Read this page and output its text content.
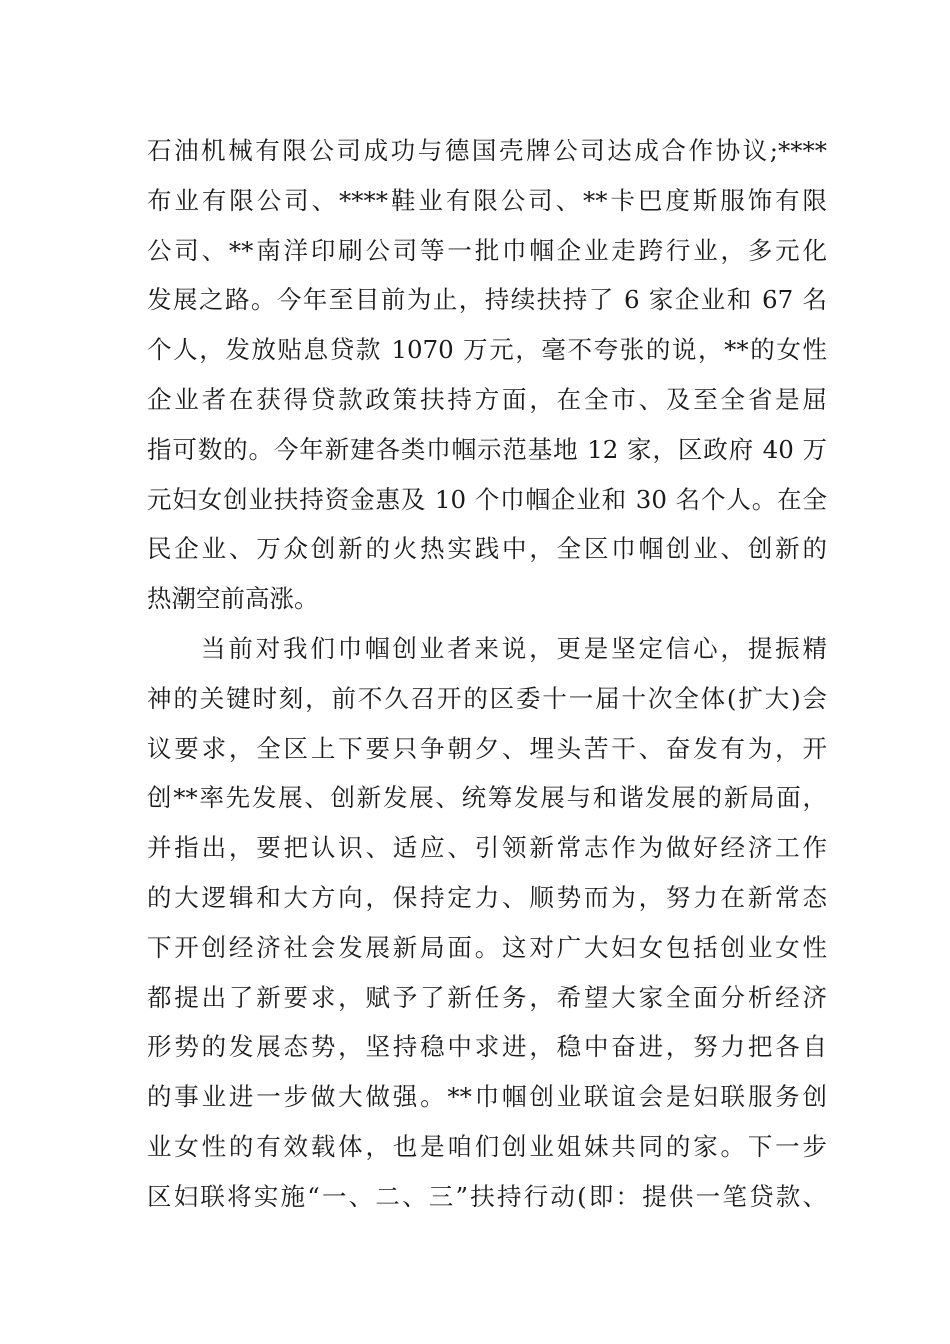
石油机械有限公司成功与德国壳牌公司达成合作协议;****
布业有限公司、****鞋业有限公司、**卡巴度斯服饰有限
公司、**南洋印刷公司等一批巾帼企业走跨行业，多元化
发展之路。今年至目前为止，持续扶持了 6 家企业和 67 名
个人，发放贴息贷款 1070 万元，毫不夸张的说，**的女性
企业者在获得贷款政策扶持方面，在全市、及至全省是屈
指可数的。今年新建各类巾帼示范基地 12 家，区政府 40 万
元妇女创业扶持资金惠及 10 个巾帼企业和 30 名个人。在全
民企业、万众创新的火热实践中，全区巾帼创业、创新的
热潮空前高涨。
当前对我们巾帼创业者来说，更是坚定信心，提振精
神的关键时刻，前不久召开的区委十一届十次全体(扩大)会
议要求，全区上下要只争朝夕、埋头苦干、奋发有为，开
创**率先发展、创新发展、统筹发展与和谐发展的新局面，
并指出，要把认识、适应、引领新常志作为做好经济工作
的大逻辑和大方向，保持定力、顺势而为，努力在新常态
下开创经济社会发展新局面。这对广大妇女包括创业女性
都提出了新要求，赋予了新任务，希望大家全面分析经济
形势的发展态势，坚持稳中求进，稳中奋进，努力把各自
的事业进一步做大做强。**巾帼创业联谊会是妇联服务创
业女性的有效载体，也是咱们创业姐妹共同的家。下一步
区妇联将实施“一、二、三”扶持行动(即：提供一笔贷款、
